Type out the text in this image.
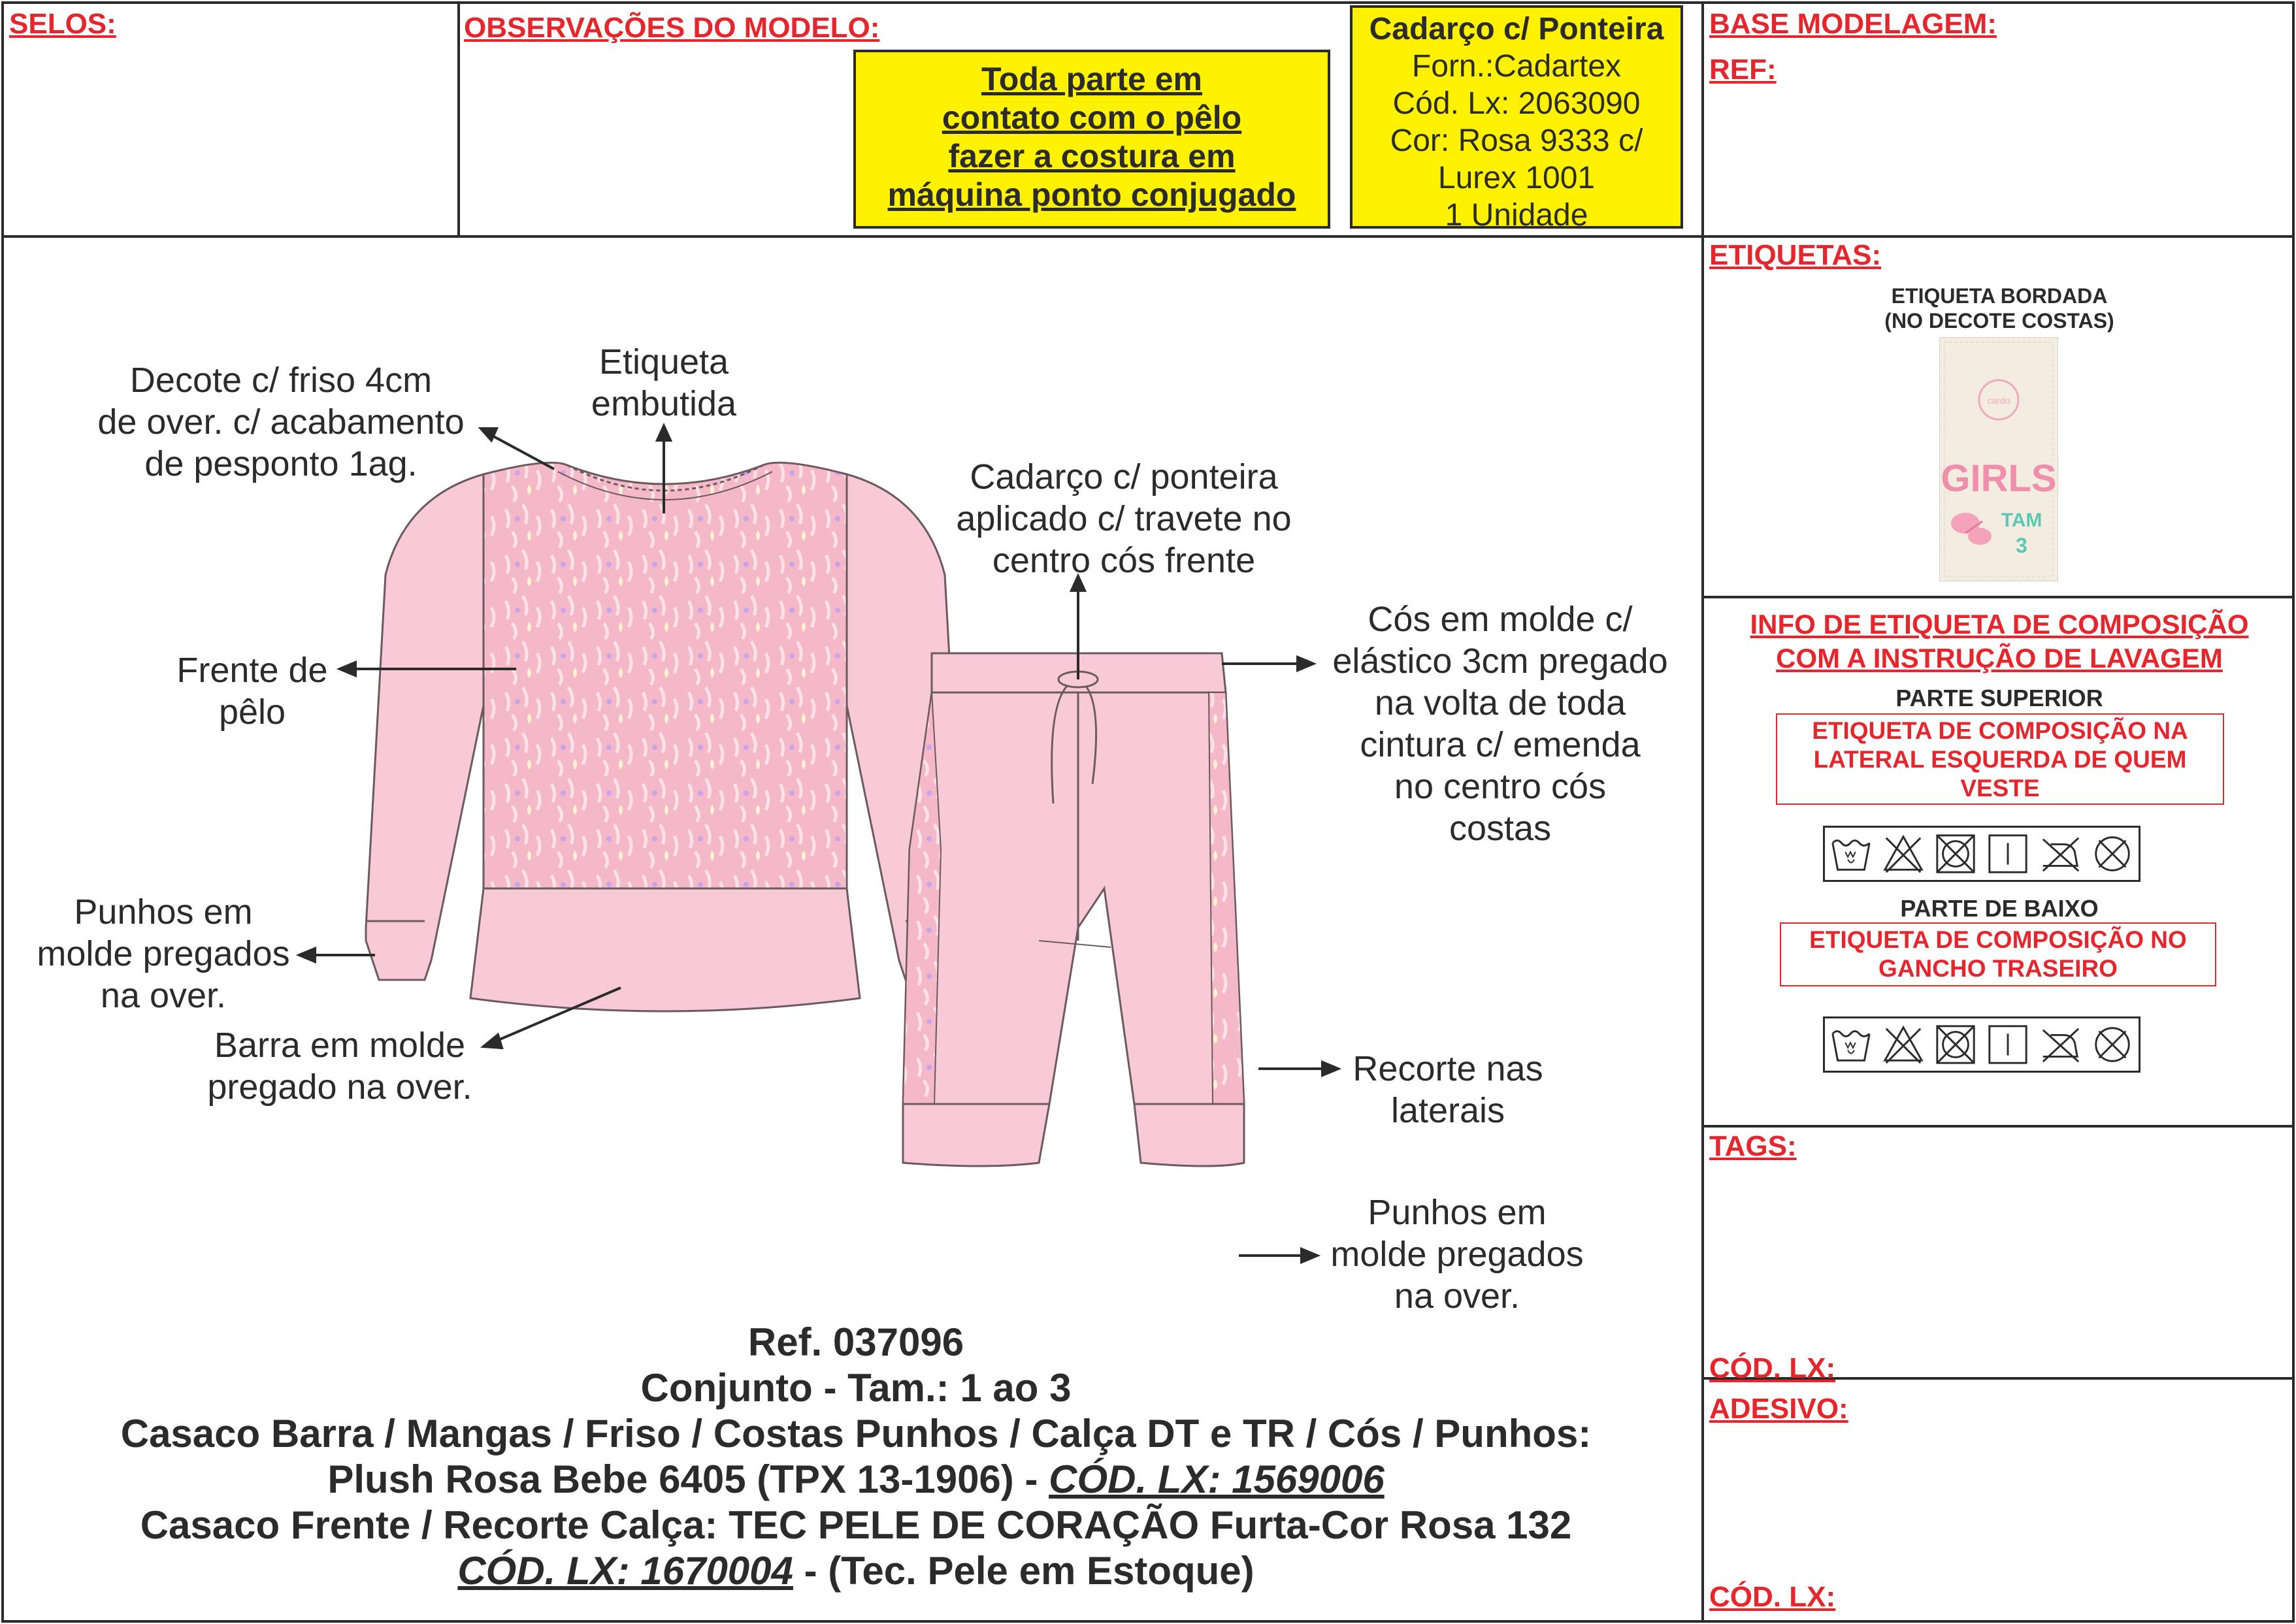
SELOS:	OBSERVAÇÕES DO MODELO:
Toda parte em
contato com o pêlo
fazer a costura em
máquina ponto conjugado
Cadarço c/ Ponteira
Forn.:Cadartex
Cód. Lx: 2063090
Cor: Rosa 9333 c/
Lurex 1001
1 Unidade
BASE MODELAGEM:
REF:
ETIQUETAS:
ETIQUETA BORDADA
(NO DECOTE COSTAS)
cardo
GIRLS
TAM
3
INFO DE ETIQUETA DE COMPOSIÇÃO
COM A INSTRUÇÃO DE LAVAGEM
PARTE SUPERIOR
ETIQUETA DE COMPOSIÇÃO NA
LATERAL ESQUERDA DE QUEM
VESTE
PARTE DE BAIXO
ETIQUETA DE COMPOSIÇÃO NO
GANCHO TRASEIRO
TAGS:
CÓD. LX:
ADESIVO:
CÓD. LX:
Decote c/ friso 4cm
de over. c/ acabamento
de pesponto 1ag.
Etiqueta
embutida
Cadarço c/ ponteira
aplicado c/ travete no
centro cós frente
Frente de
pêlo
Cós em molde c/
elástico 3cm pregado
na volta de toda
cintura c/ emenda
no centro cós
costas
Punhos em
molde pregados
na over.
Barra em molde
pregado na over.	Recorte nas
laterais
Punhos em
molde pregados
na over.
Ref. 037096
Conjunto - Tam.: 1 ao 3
Casaco Barra / Mangas / Friso / Costas Punhos / Calça DT e TR / Cós / Punhos:
Plush Rosa Bebe 6405 (TPX 13-1906) - CÓD. LX: 1569006
Casaco Frente / Recorte Calça: TEC PELE DE CORAÇÃO Furta-Cor Rosa 132
CÓD. LX: 1670004 - (Tec. Pele em Estoque)
